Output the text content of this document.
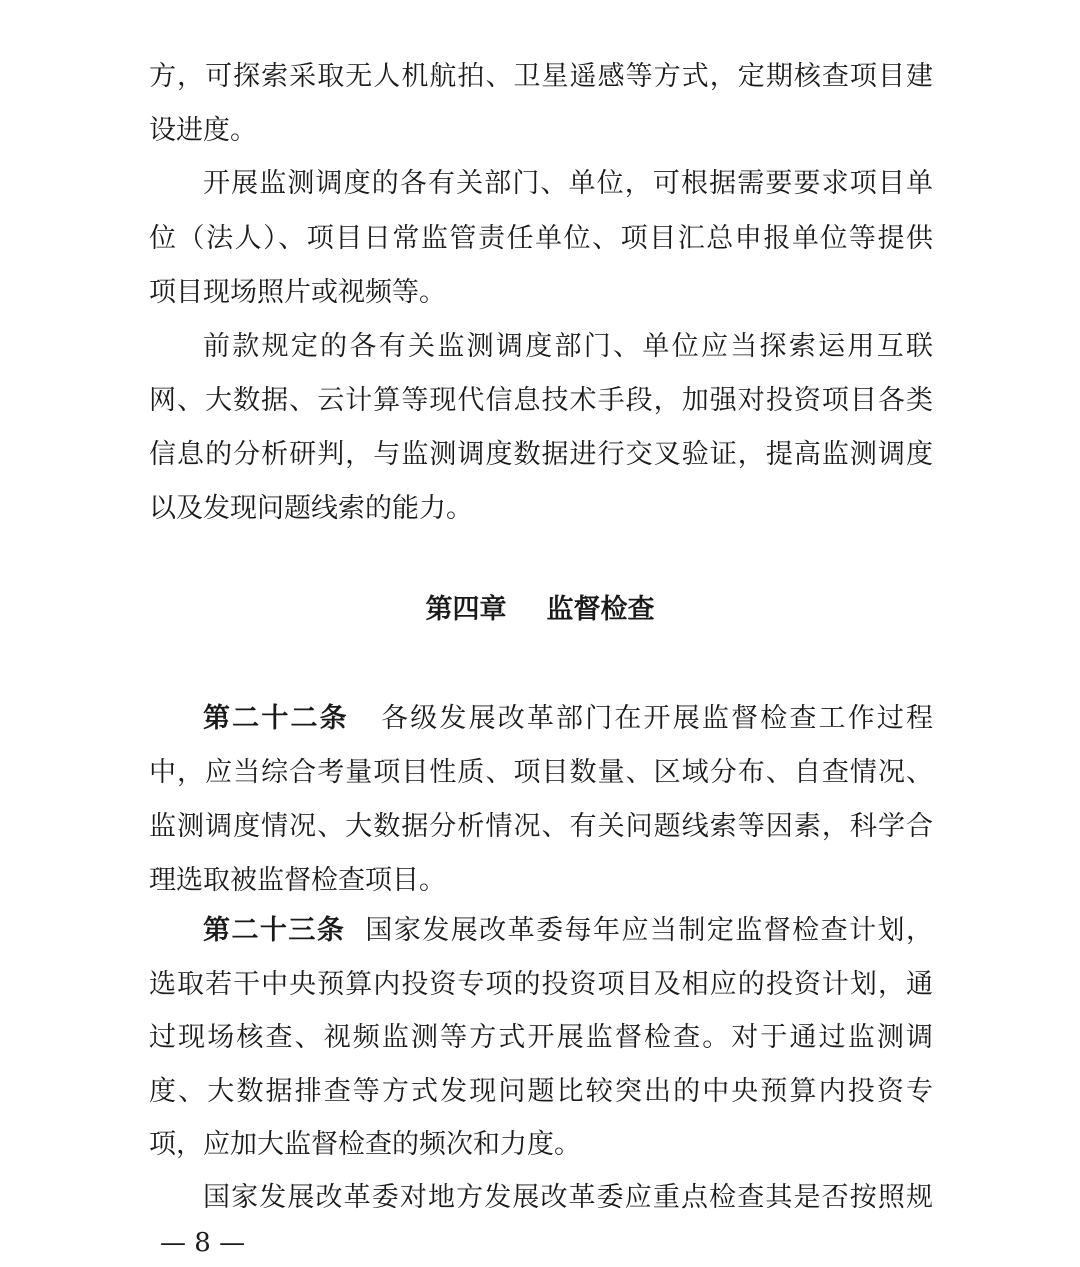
方，可探索采取无人机航拍、卫星遥感等方式，定期核查项目建
设进度。
开展监测调度的各有关部门、单位，可根据需要要求项目单
位（法人）、项目日常监管责任单位、项目汇总申报单位等提供
项目现场照片或视频等。
前款规定的各有关监测调度部门、单位应当探索运用互联
网、大数据、云计算等现代信息技术手段，加强对投资项目各类
信息的分析研判，与监测调度数据进行交叉验证，提高监测调度
以及发现问题线索的能力。
第四章 监督检查
第二十二条 各级发展改革部门在开展监督检查工作过程
中，应当综合考量项目性质、项目数量、区域分布、自查情况、
监测调度情况、大数据分析情况、有关问题线索等因素，科学合
理选取被监督检查项目。
第二十三条 国家发展改革委每年应当制定监督检查计划，
选取若干中央预算内投资专项的投资项目及相应的投资计划，通
过现场核查、视频监测等方式开展监督检查。对于通过监测调
度、大数据排查等方式发现问题比较突出的中央预算内投资专
项，应加大监督检查的频次和力度。
国家发展改革委对地方发展改革委应重点检查其是否按照规
— 8 —
